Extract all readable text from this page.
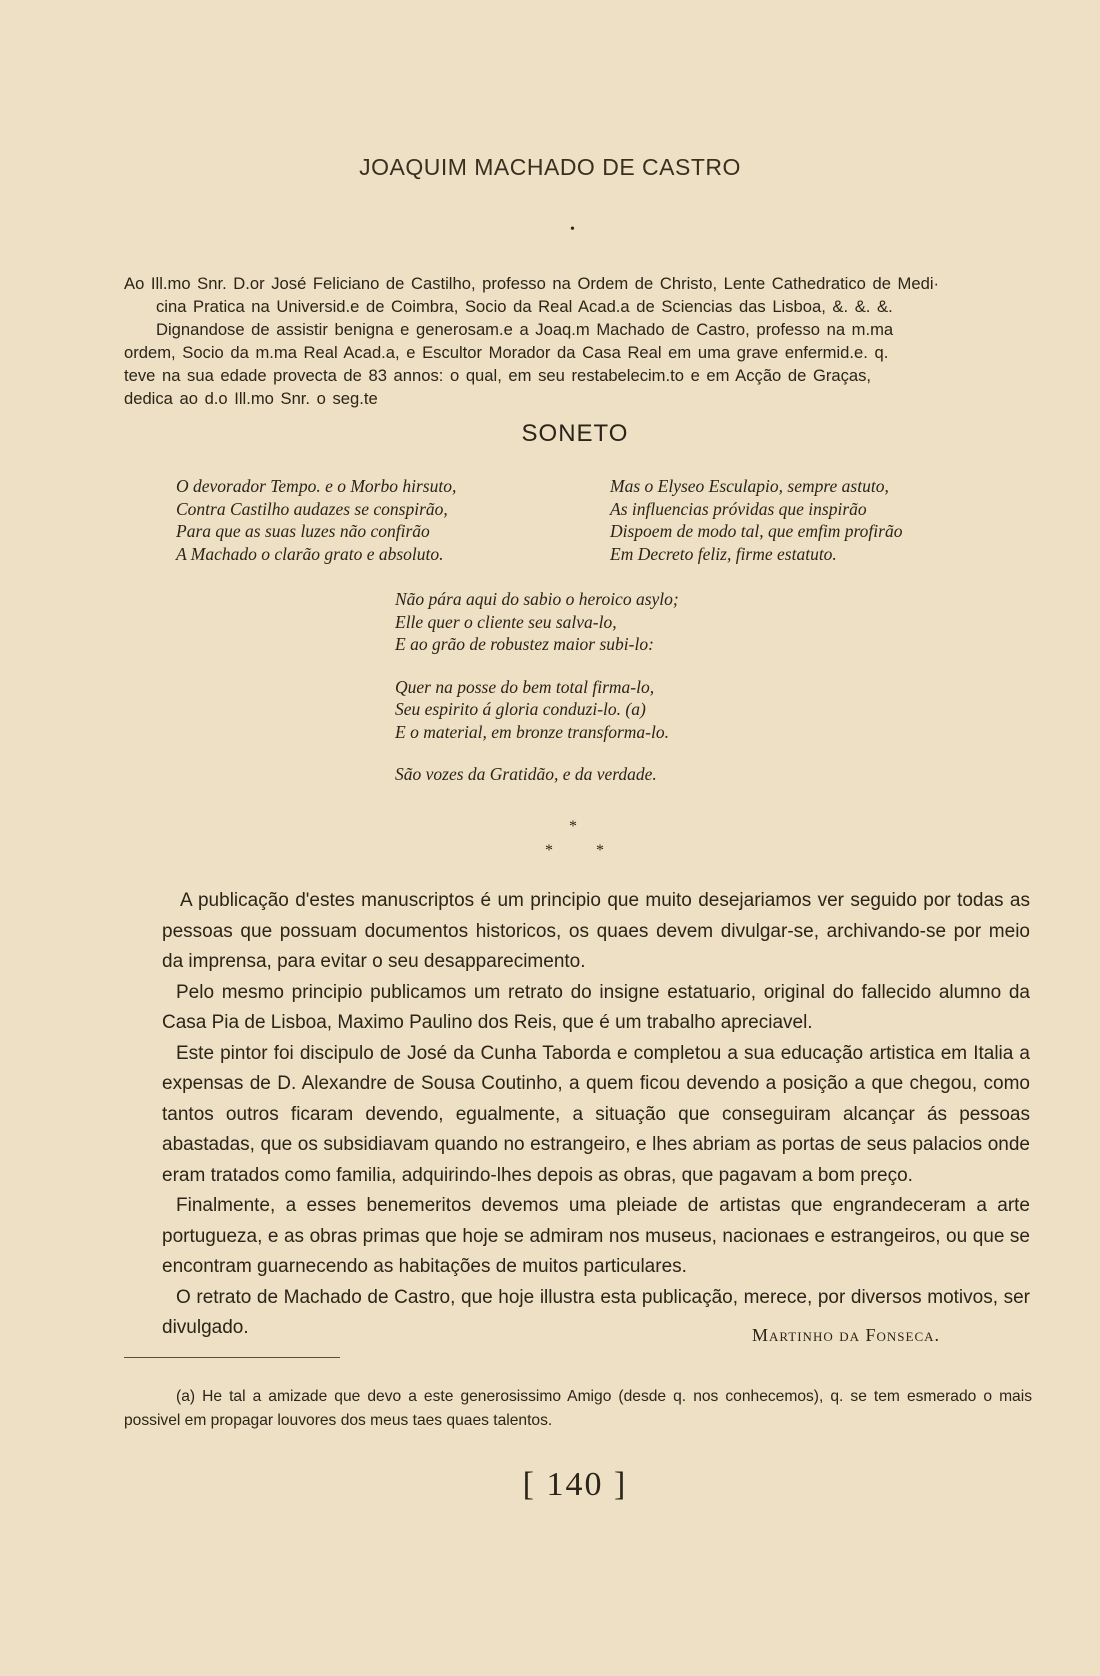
JOAQUIM MACHADO DE CASTRO
•

Ao Ill.mo Snr. D.or José Feliciano de Castilho, professo na Ordem de Christo, Lente Cathedratico de Medi·

cina Pratica na Universid.e de Coimbra, Socio da Real Acad.a de Sciencias das Lisboa, &. &. &.

Dignandose de assistir benigna e generosam.e a Joaq.m Machado de Castro, professo na m.ma

ordem, Socio da m.ma Real Acad.a, e Escultor Morador da Casa Real em uma grave enfermid.e. q.

teve na sua edade provecta de 83 annos: o qual, em seu restabelecim.to e em Acção de Graças,

dedica ao d.o Ill.mo Snr. o seg.te

SONETO
O devorador Tempo. e o Morbo hirsuto,
Contra Castilho audazes se conspirão,
Para que as suas luzes não confirão
A Machado o clarão grato e absoluto.
Mas o Elyseo Esculapio, sempre astuto,
As influencias próvidas que inspirão
Dispoem de modo tal, que emfim profirão
Em Decreto feliz, firme estatuto.
Não pára aqui do sabio o heroico asylo;
Elle quer o cliente seu salva-lo,
E ao grão de robustez maior subi-lo:
Quer na posse do bem total firma-lo,
Seu espirito á gloria conduzi-lo. (a)
E o material, em bronze transforma-lo.
São vozes da Gratidão, e da verdade.
*
*	*

A publicação d'estes manuscriptos é um principio que muito desejariamos ver seguido por todas as pessoas que possuam documentos historicos, os quaes devem divulgar-se, archivando-se por meio da imprensa, para evitar o seu desapparecimento.

Pelo mesmo principio publicamos um retrato do insigne estatuario, original do fallecido alumno da Casa Pia de Lisboa, Maximo Paulino dos Reis, que é um trabalho apreciavel.

Este pintor foi discipulo de José da Cunha Taborda e completou a sua educação artistica em Italia a expensas de D. Alexandre de Sousa Coutinho, a quem ficou devendo a posição a que chegou, como tantos outros ficaram devendo, egualmente, a situação que conseguiram alcançar ás pessoas abastadas, que os subsidiavam quando no estrangeiro, e lhes abriam as portas de seus palacios onde eram tratados como familia, adquirindo-lhes depois as obras, que pagavam a bom preço.

Finalmente, a esses benemeritos devemos uma pleiade de artistas que engrandeceram a arte portugueza, e as obras primas que hoje se admiram nos museus, nacionaes e estrangeiros, ou que se encontram guarnecendo as habitações de muitos particulares.

O retrato de Machado de Castro, que hoje illustra esta publicação, merece, por diversos motivos, ser divulgado.	Martinho da Fonseca.

(a) He tal a amizade que devo a este generosissimo Amigo (desde q. nos conhecemos), q. se tem esmerado o mais possivel em propagar louvores dos meus taes quaes talentos.

[ 140 ]
